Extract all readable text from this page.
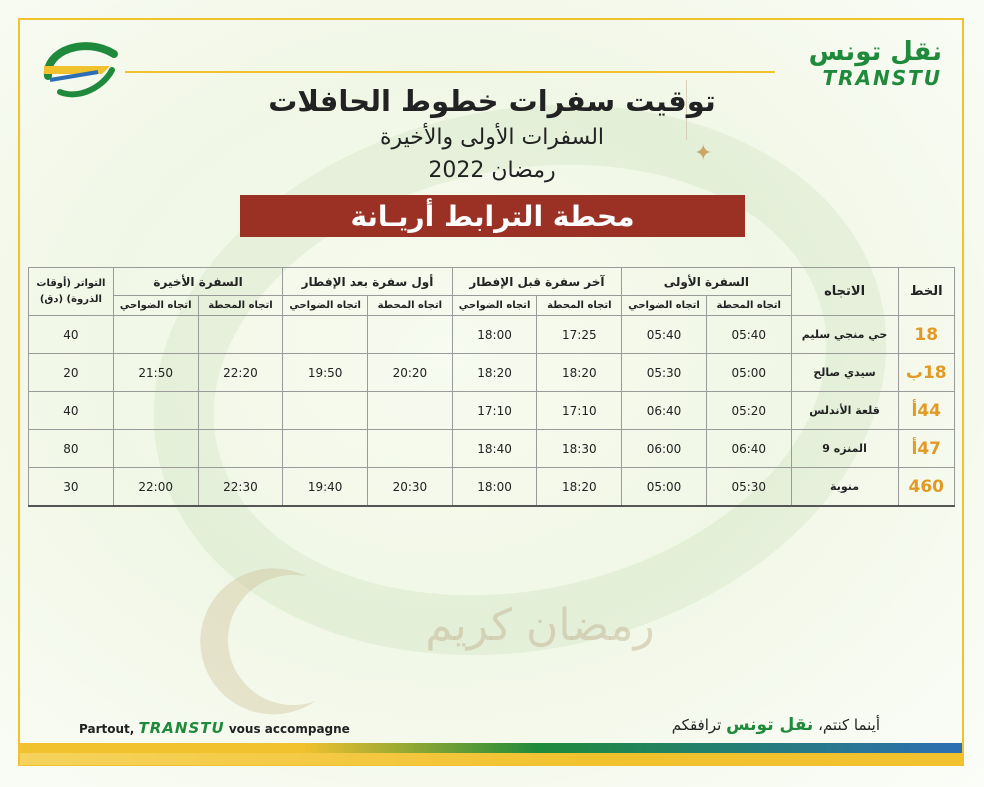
رمضان كريم
✦
نقل تونس
TRANSTU
توقيت سفرات خطوط الحافلات
السفرات الأولى والأخيرة
رمضان 2022
محطة الترابط أريـانة
الخط	الاتجاه	السفرة الأولى		آخر سفرة قبل الإفطار		أول سفرة بعد الإفطار		السفرة الأخيرة		التواتر (أوقات الذروة) (دق)
		اتجاه المحطة	اتجاه الضواحي	اتجاه المحطة	اتجاه الضواحي	اتجاه المحطة	اتجاه الضواحي	اتجاه المحطة	اتجاه الضواحي	
18	حي منجي سليم	05:40	05:40	17:25	18:00					40
18ب	سيدي صالح	05:00	05:30	18:20	18:20	20:20	19:50	22:20	21:50	20
44أ	قلعة الأندلس	05:20	06:40	17:10	17:10					40
47أ	المنزه 9	06:40	06:00	18:30	18:40					80
460	منوبة	05:30	05:00	18:20	18:00	20:30	19:40	22:30	22:00	30
Partout, TRANSTU vous accompagne	أينما كنتم، نقل تونس ترافقكم
